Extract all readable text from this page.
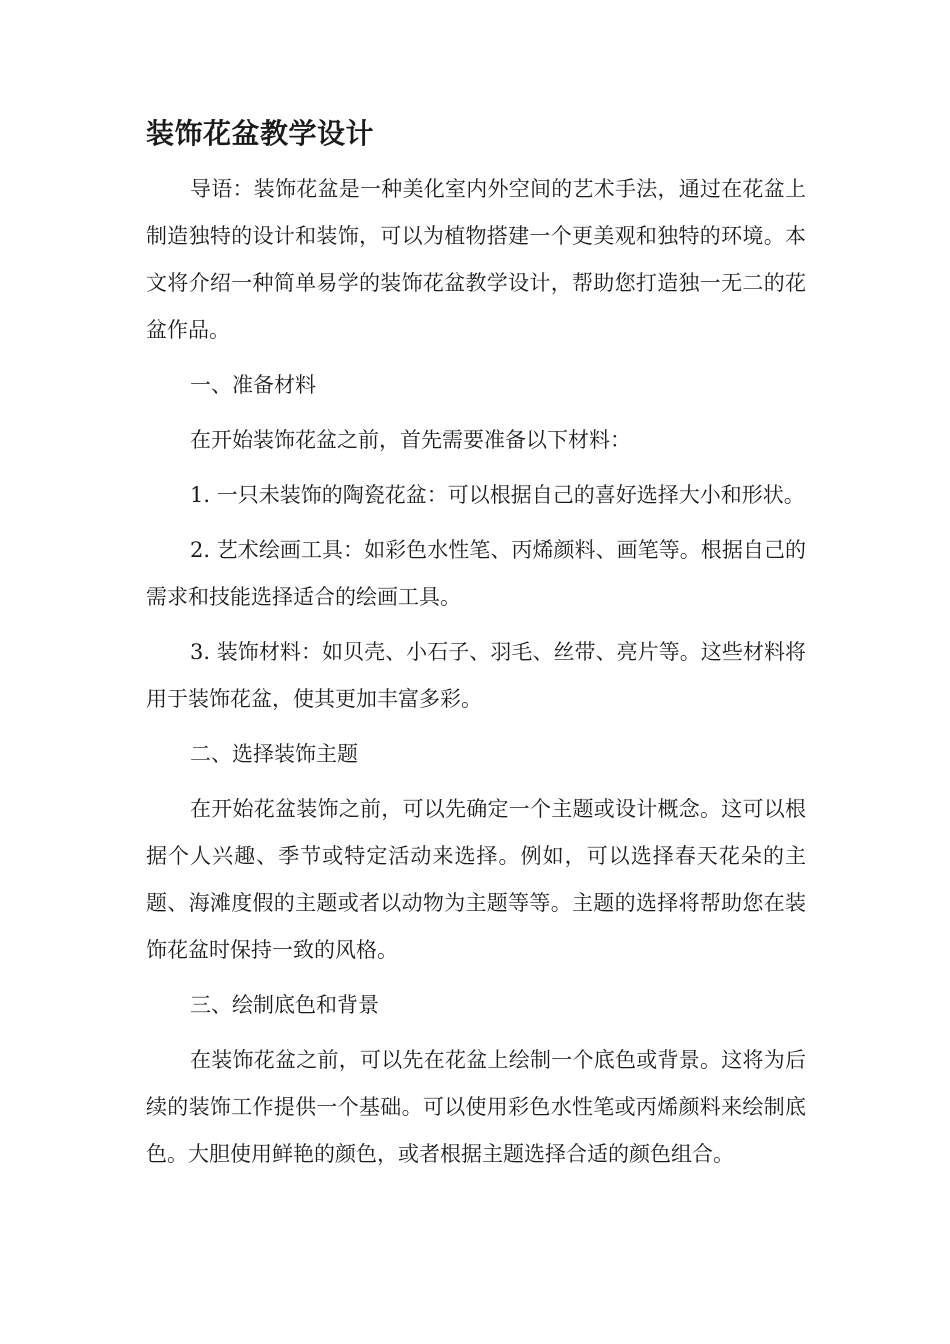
装饰花盆教学设计

导语：装饰花盆是一种美化室内外空间的艺术手法，通过在花盆上制造独特的设计和装饰，可以为植物搭建一个更美观和独特的环境。本文将介绍一种简单易学的装饰花盆教学设计，帮助您打造独一无二的花盆作品。

一、准备材料

在开始装饰花盆之前，首先需要准备以下材料：

1. 一只未装饰的陶瓷花盆：可以根据自己的喜好选择大小和形状。

2. 艺术绘画工具：如彩色水性笔、丙烯颜料、画笔等。根据自己的需求和技能选择适合的绘画工具。

3. 装饰材料：如贝壳、小石子、羽毛、丝带、亮片等。这些材料将用于装饰花盆，使其更加丰富多彩。

二、选择装饰主题

在开始花盆装饰之前，可以先确定一个主题或设计概念。这可以根据个人兴趣、季节或特定活动来选择。例如，可以选择春天花朵的主题、海滩度假的主题或者以动物为主题等等。主题的选择将帮助您在装饰花盆时保持一致的风格。

三、绘制底色和背景

在装饰花盆之前，可以先在花盆上绘制一个底色或背景。这将为后续的装饰工作提供一个基础。可以使用彩色水性笔或丙烯颜料来绘制底色。大胆使用鲜艳的颜色，或者根据主题选择合适的颜色组合。
